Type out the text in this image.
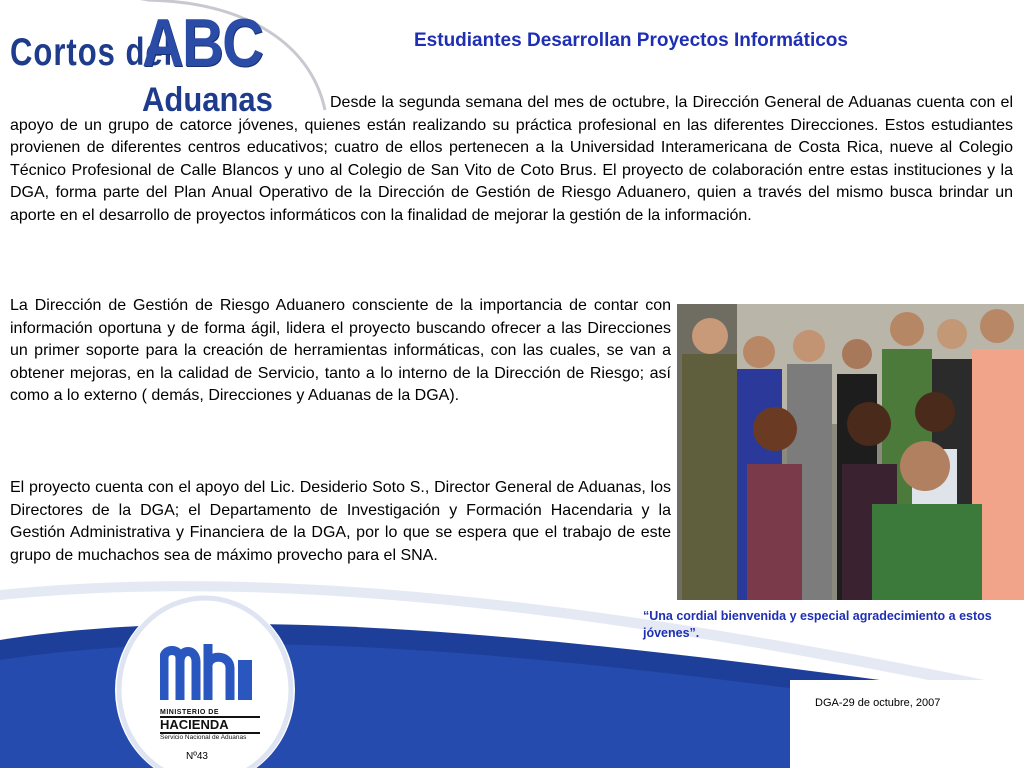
Cortos del
ABC
Aduanas
Estudiantes Desarrollan Proyectos Informáticos
Desde la segunda semana del mes de octubre, la Dirección General de Aduanas cuenta con el apoyo de un grupo de catorce jóvenes, quienes están realizando su práctica profesional en las diferentes Direcciones. Estos estudiantes provienen de diferentes centros educativos; cuatro de ellos pertenecen a la Universidad Interamericana de Costa Rica, nueve al Colegio Técnico Profesional de Calle Blancos y uno al Colegio de San Vito de Coto Brus. El proyecto de colaboración entre estas instituciones y la DGA, forma parte del Plan Anual Operativo de la Dirección de Gestión de Riesgo Aduanero, quien a través del mismo busca brindar un aporte en el desarrollo de proyectos informáticos con la finalidad de mejorar la gestión de la información.
La Dirección de Gestión de Riesgo Aduanero consciente de la importancia de contar con información oportuna y de forma ágil, lidera el proyecto buscando ofrecer a las Direcciones un primer soporte para la creación de herramientas informáticas, con las cuales, se van a obtener mejoras, en la calidad de Servicio, tanto a lo interno de la Dirección de Riesgo; así como a lo externo ( demás, Direcciones y Aduanas de la DGA).
El proyecto cuenta con el apoyo del Lic. Desiderio Soto S., Director General de Aduanas, los Directores de la DGA; el Departamento de Investigación y Formación Hacendaria y la Gestión Administrativa y Financiera de la DGA, por lo que se espera que el trabajo de este grupo de muchachos sea de máximo provecho para el SNA.
“Una cordial bienvenida y especial agradecimiento a estos jóvenes”.
MINISTERIO DE
HACIENDA
Servicio Nacional de Aduanas
DGA-29 de octubre, 2007
Nº43
